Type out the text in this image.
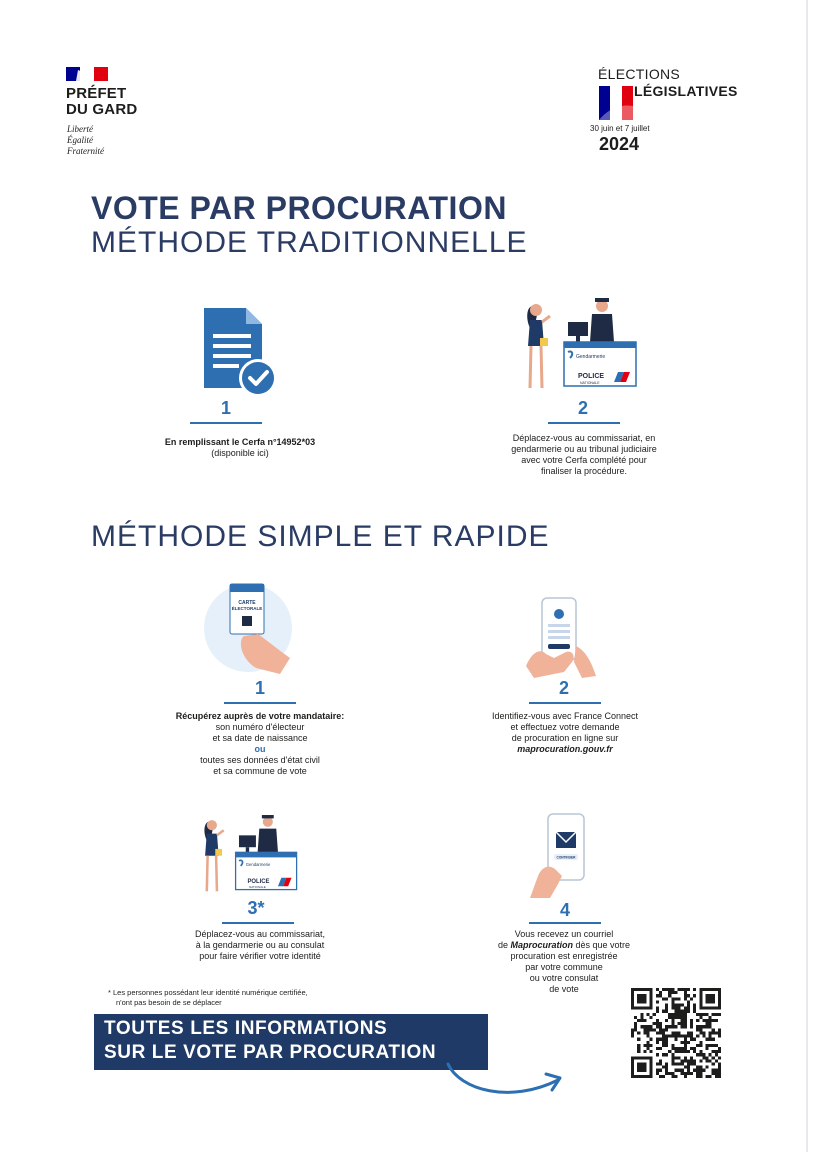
PRÉFET
DU GARD
Liberté
Égalité
Fraternité
ÉLECTIONS
LÉGISLATIVES
30 juin et 7 juillet
2024
VOTE PAR PROCURATION
MÉTHODE TRADITIONNELLE
MÉTHODE SIMPLE ET RAPIDE
1
En remplissant le Cerfa n°14952*03
(disponible ici)
Gendarmerie
POLICE
NATIONALE
2
Déplacez-vous au commissariat, en
gendarmerie ou au tribunal judiciaire
avec votre Cerfa complété pour
finaliser la procédure.
CARTE
ÉLECTORALE
1
Récupérez auprès de votre mandataire:
son numéro d'électeur
et sa date de naissance
ou
toutes ses données d'état civil
et sa commune de vote
2
Identifiez-vous avec France Connect
et effectuez votre demande
de procuration en ligne sur
maprocuration.gouv.fr
Gendarmerie
POLICE
NATIONALE
3*
Déplacez-vous au commissariat,
à la gendarmerie ou au consulat
pour faire vérifier votre identité
CONTINUER
4
Vous recevez un courriel
de Maprocuration dès que votre
procuration est enregistrée
par votre commune
ou votre consulat
de vote
* Les personnes possédant leur identité numérique certifiée,
n'ont pas besoin de se déplacer
TOUTES LES INFORMATIONS
SUR LE VOTE PAR PROCURATION
